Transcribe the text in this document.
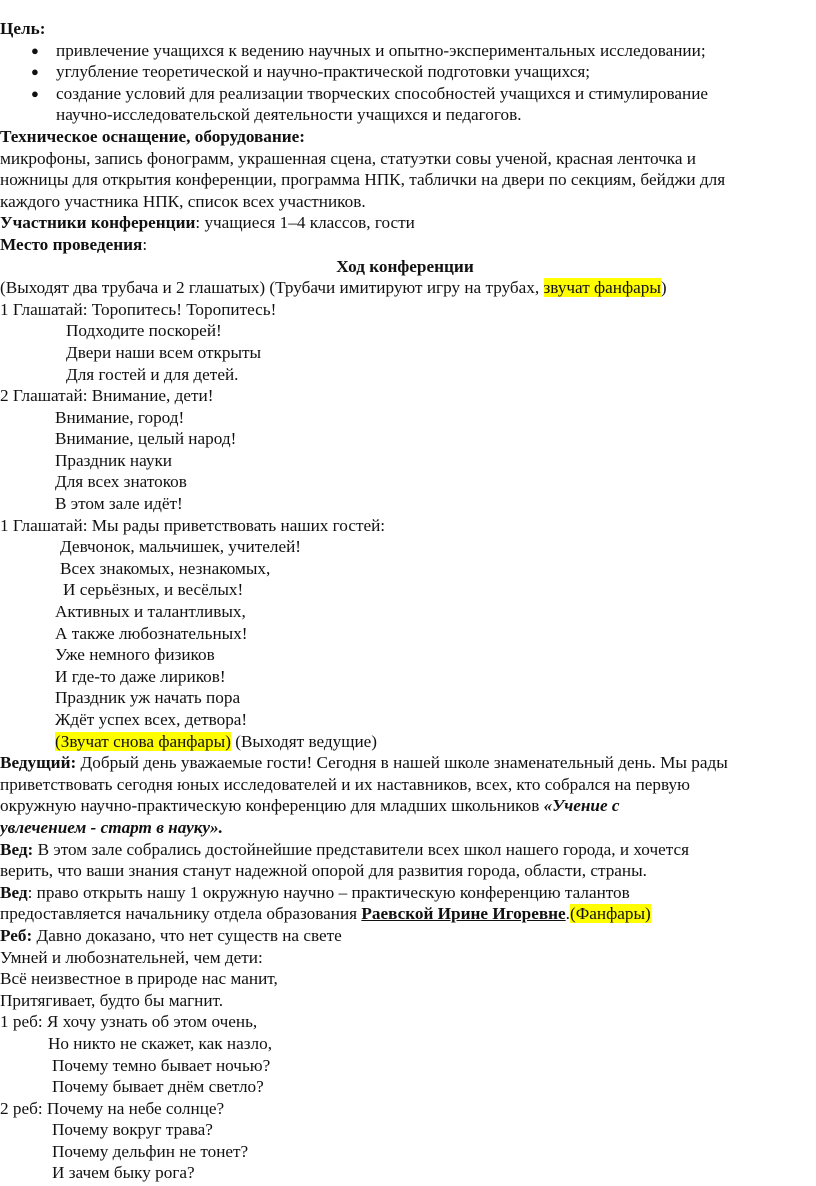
Цель:
● привлечение учащихся к ведению научных и опытно-экспериментальных исследовании;
● углубление теоретической и научно-практической подготовки учащихся;
● создание условий для реализации творческих способностей учащихся и стимулирование
научно-исследовательской деятельности учащихся и педагогов.
Техническое оснащение, оборудование:
микрофоны, запись фонограмм, украшенная сцена, статуэтки совы ученой, красная ленточка и
ножницы для открытия конференции, программа НПК, таблички на двери по секциям, бейджи для
каждого участника НПК, список всех участников.
Участники конференции: учащиеся 1–4 классов, гости
Место проведения:
Ход конференции
(Выходят два трубача и 2 глашатых) (Трубачи имитируют игру на трубах, звучат фанфары)
1 Глашатай: Торопитесь! Торопитесь!
Подходите поскорей!
Двери наши всем открыты
Для гостей и для детей.
2 Глашатай: Внимание, дети!
Внимание, город!
Внимание, целый народ!
Праздник науки
Для всех знатоков
В этом зале идёт!
1 Глашатай: Мы рады приветствовать наших гостей:
Девчонок, мальчишек, учителей!
Всех знакомых, незнакомых,
И серьёзных, и весёлых!
Активных и талантливых,
А также любознательных!
Уже немного физиков
И где-то даже лириков!
Праздник уж начать пора
Ждёт успех всех, детвора!
(Звучат снова фанфары) (Выходят ведущие)
Ведущий: Добрый день уважаемые гости! Сегодня в нашей школе знаменательный день. Мы рады
приветствовать сегодня юных исследователей и их наставников, всех, кто собрался на первую
окружную научно-практическую конференцию для младших школьников «Учение с
увлечением - старт в науку».
Вед: В этом зале собрались достойнейшие представители всех школ нашего города, и хочется
верить, что ваши знания станут надежной опорой для развития города, области, страны.
Вед: право открыть нашу 1 окружную научно – практическую конференцию талантов
предоставляется начальнику отдела образования Раевской Ирине Игоревне.(Фанфары)
Реб: Давно доказано, что нет существ на свете
Умней и любознательней, чем дети:
Всё неизвестное в природе нас манит,
Притягивает, будто бы магнит.
1 реб: Я хочу узнать об этом очень,
Но никто не скажет, как назло,
Почему темно бывает ночью?
Почему бывает днём светло?
2 реб: Почему на небе солнце?
Почему вокруг трава?
Почему дельфин не тонет?
И зачем быку рога?
